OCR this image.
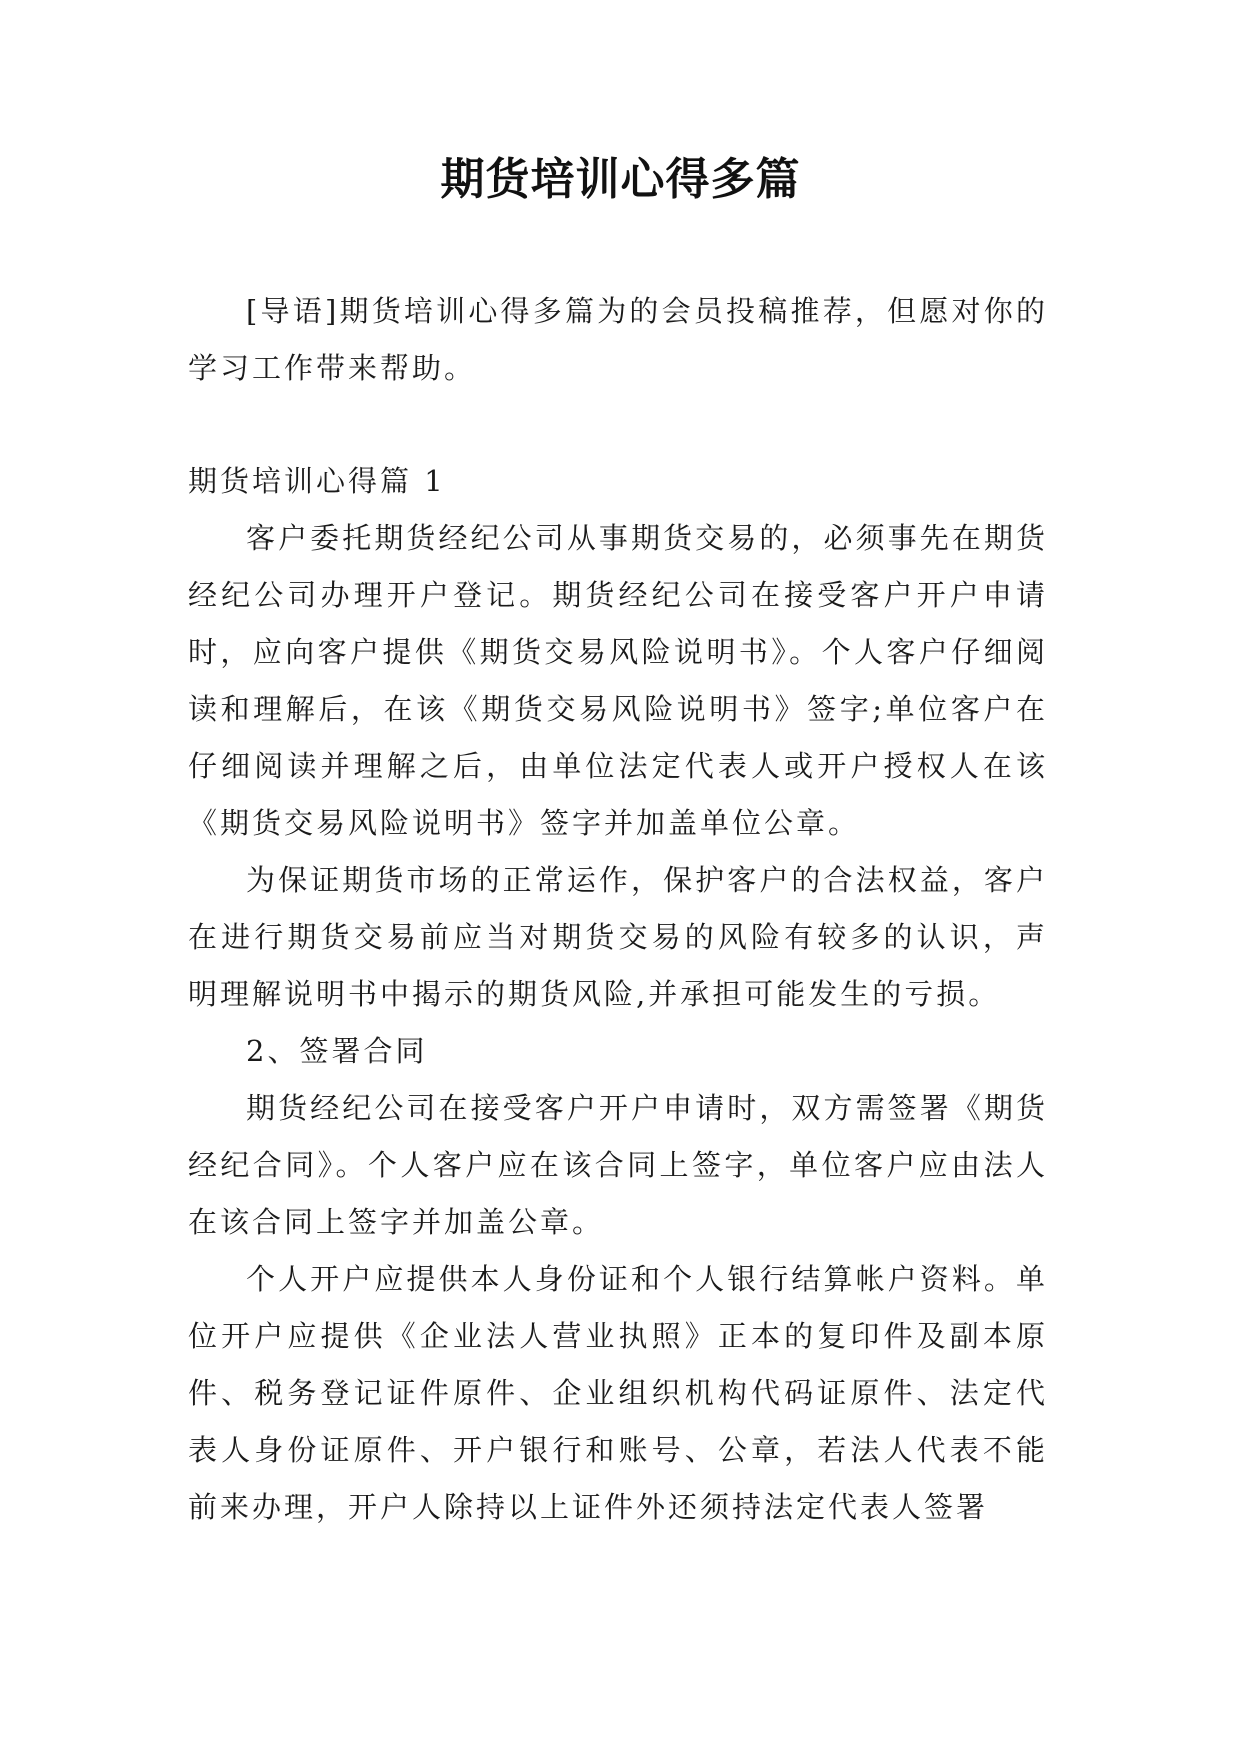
期货培训心得多篇

[导语]期货培训心得多篇为的会员投稿推荐，但愿对你的学习工作带来帮助。

期货培训心得篇 1

客户委托期货经纪公司从事期货交易的，必须事先在期货经纪公司办理开户登记。期货经纪公司在接受客户开户申请时，应向客户提供《期货交易风险说明书》。个人客户仔细阅读和理解后，在该《期货交易风险说明书》签字;单位客户在仔细阅读并理解之后，由单位法定代表人或开户授权人在该《期货交易风险说明书》签字并加盖单位公章。

为保证期货市场的正常运作，保护客户的合法权益，客户在进行期货交易前应当对期货交易的风险有较多的认识，声明理解说明书中揭示的期货风险,并承担可能发生的亏损。

2、签署合同

期货经纪公司在接受客户开户申请时，双方需签署《期货经纪合同》。个人客户应在该合同上签字，单位客户应由法人在该合同上签字并加盖公章。

个人开户应提供本人身份证和个人银行结算帐户资料。单位开户应提供《企业法人营业执照》正本的复印件及副本原件、税务登记证件原件、企业组织机构代码证原件、法定代表人身份证原件、开户银行和账号、公章，若法人代表不能前来办理，开户人除持以上证件外还须持法定代表人签署
